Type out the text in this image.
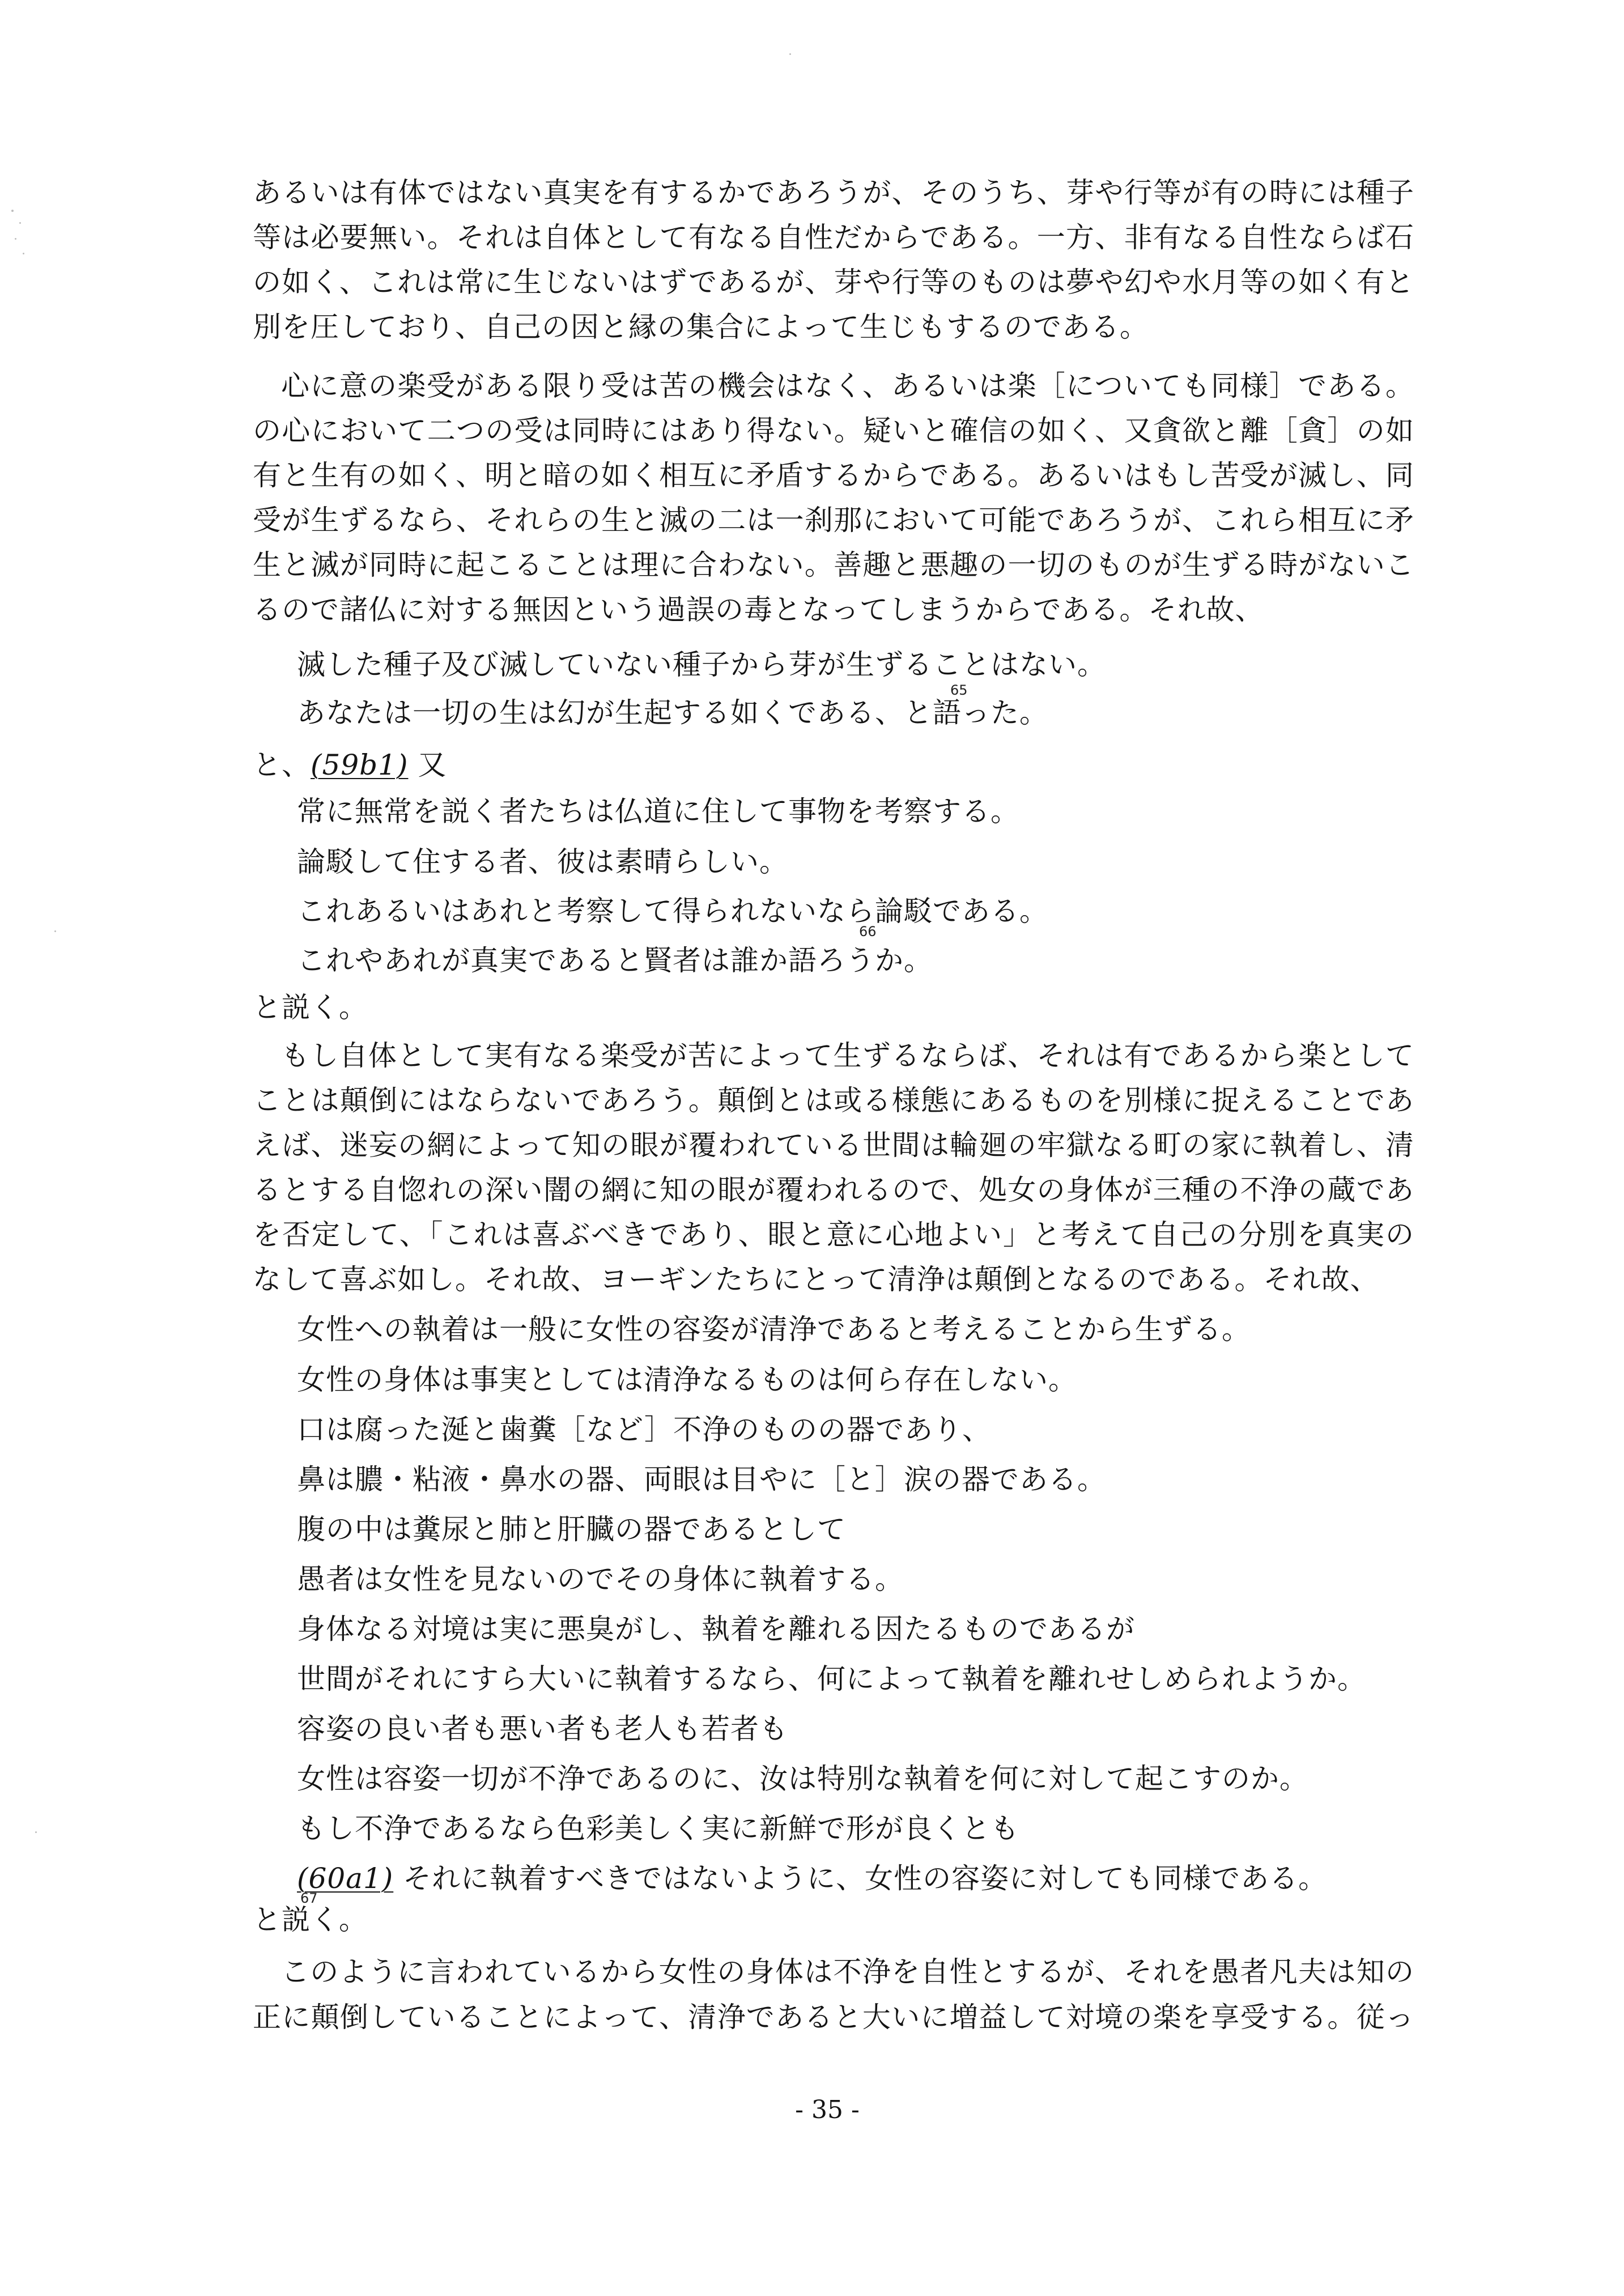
あるいは有体ではない真実を有するかであろうが、そのうち、芽や行等が有の時には種子
等は必要無い。それは自体として有なる自性だからである。一方、非有なる自性ならば石
の如く、これは常に生じないはずであるが、芽や行等のものは夢や幻や水月等の如く有と
別を圧しており、自己の因と縁の集合によって生じもするのである。
心に意の楽受がある限り受は苦の機会はなく、あるいは楽［についても同様］である。
の心において二つの受は同時にはあり得ない。疑いと確信の如く、又貪欲と離［貪］の如
有と生有の如く、明と暗の如く相互に矛盾するからである。あるいはもし苦受が滅し、同
受が生ずるなら、それらの生と滅の二は一刹那において可能であろうが、これら相互に矛
生と滅が同時に起こることは理に合わない。善趣と悪趣の一切のものが生ずる時がないこ
るので諸仏に対する無因という過誤の毒となってしまうからである。それ故、
滅した種子及び滅していない種子から芽が生ずることはない。
65
あなたは一切の生は幻が生起する如くである、と語った。
と、(59b1) 又
常に無常を説く者たちは仏道に住して事物を考察する。
論駁して住する者、彼は素晴らしい。
これあるいはあれと考察して得られないなら論駁である。
66
これやあれが真実であると賢者は誰か語ろうか。
と説く。
もし自体として実有なる楽受が苦によって生ずるならば、それは有であるから楽として
ことは顛倒にはならないであろう。顛倒とは或る様態にあるものを別様に捉えることであ
えば、迷妄の網によって知の眼が覆われている世間は輪廻の牢獄なる町の家に執着し、清
るとする自惚れの深い闇の網に知の眼が覆われるので、処女の身体が三種の不浄の蔵であ
を否定して、「これは喜ぶべきであり、眼と意に心地よい」と考えて自己の分別を真実の
なして喜ぶ如し。それ故、ヨーギンたちにとって清浄は顛倒となるのである。それ故、
女性への執着は一般に女性の容姿が清浄であると考えることから生ずる。
女性の身体は事実としては清浄なるものは何ら存在しない。
口は腐った涎と歯糞［など］不浄のものの器であり、
鼻は膿・粘液・鼻水の器、両眼は目やに［と］涙の器である。
腹の中は糞尿と肺と肝臓の器であるとして
愚者は女性を見ないのでその身体に執着する。
身体なる対境は実に悪臭がし、執着を離れる因たるものであるが
世間がそれにすら大いに執着するなら、何によって執着を離れせしめられようか。
容姿の良い者も悪い者も老人も若者も
女性は容姿一切が不浄であるのに、汝は特別な執着を何に対して起こすのか。
もし不浄であるなら色彩美しく実に新鮮で形が良くとも
(60a1) それに執着すべきではないように、女性の容姿に対しても同様である。
67
と説く。
このように言われているから女性の身体は不浄を自性とするが、それを愚者凡夫は知の
正に顛倒していることによって、清浄であると大いに増益して対境の楽を享受する。従っ
- 35 -
